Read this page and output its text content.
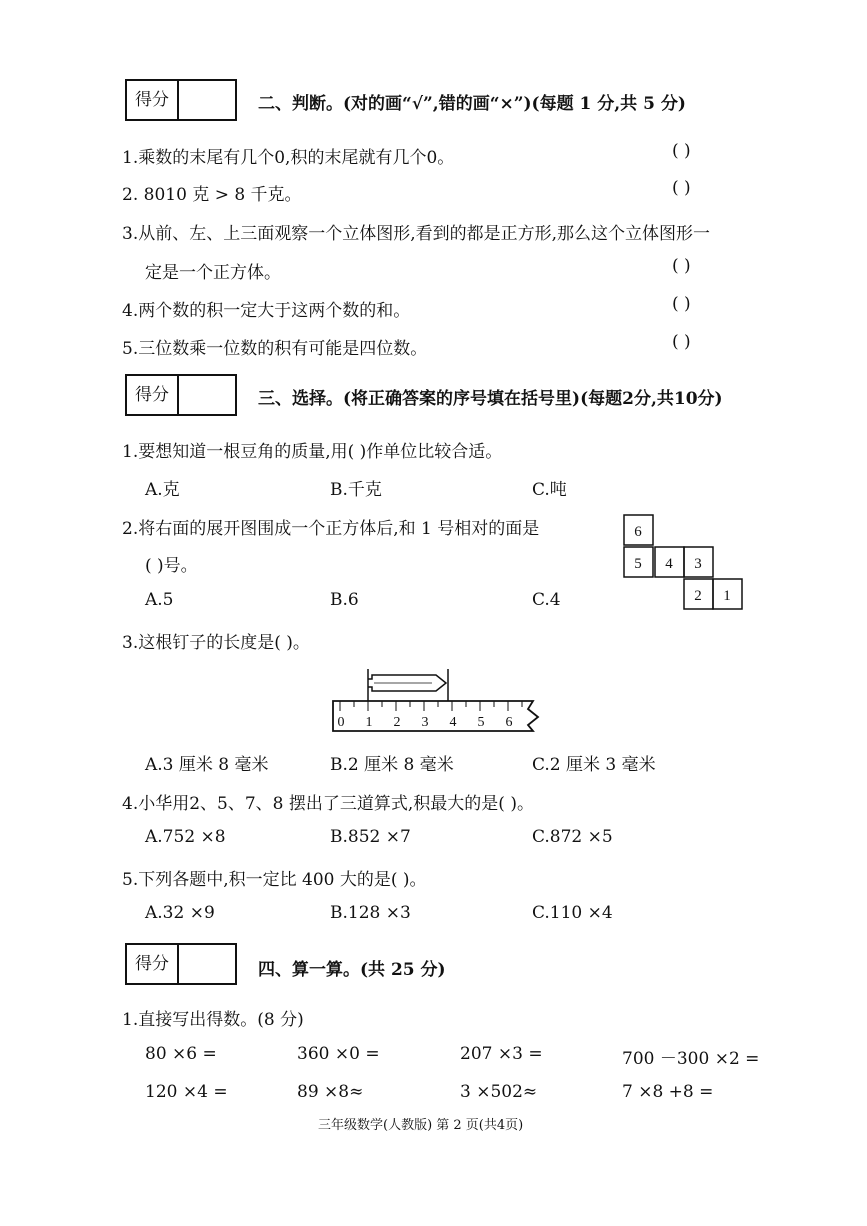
得分	二、判断。(对的画“√”,错的画“×”)(每题 1 分,共 5 分)
1.乘数的末尾有几个0,积的末尾就有几个0。	( )
2. 8010 克 > 8 千克。	( )
3.从前、左、上三面观察一个立体图形,看到的都是正方形,那么这个立体图形一
定是一个正方体。	( )
4.两个数的积一定大于这两个数的和。	( )
5.三位数乘一位数的积有可能是四位数。	( )
得分	三、选择。(将正确答案的序号填在括号里)(每题2分,共10分)
1.要想知道一根豆角的质量,用( )作单位比较合适。
A.克	B.千克	C.吨
2.将右面的展开图围成一个正方体后,和 1 号相对的面是
( )号。
A.5	B.6	C.4
6
5 4 3
2 1
3.这根钉子的长度是( )。
0 1 2 3 4 5 6
A.3 厘米 8 毫米	B.2 厘米 8 毫米	C.2 厘米 3 毫米
4.小华用2、5、7、8 摆出了三道算式,积最大的是( )。
A.752 ×8	B.852 ×7	C.872 ×5
5.下列各题中,积一定比 400 大的是( )。
A.32 ×9	B.128 ×3	C.110 ×4
得分	四、算一算。(共 25 分)
1.直接写出得数。(8 分)
80 ×6 =	360 ×0 =	207 ×3 =	700 －300 ×2 =
120 ×4 =	89 ×8≈	3 ×502≈	7 ×8 +8 =
三年级数学(人教版) 第 2 页(共4页)
